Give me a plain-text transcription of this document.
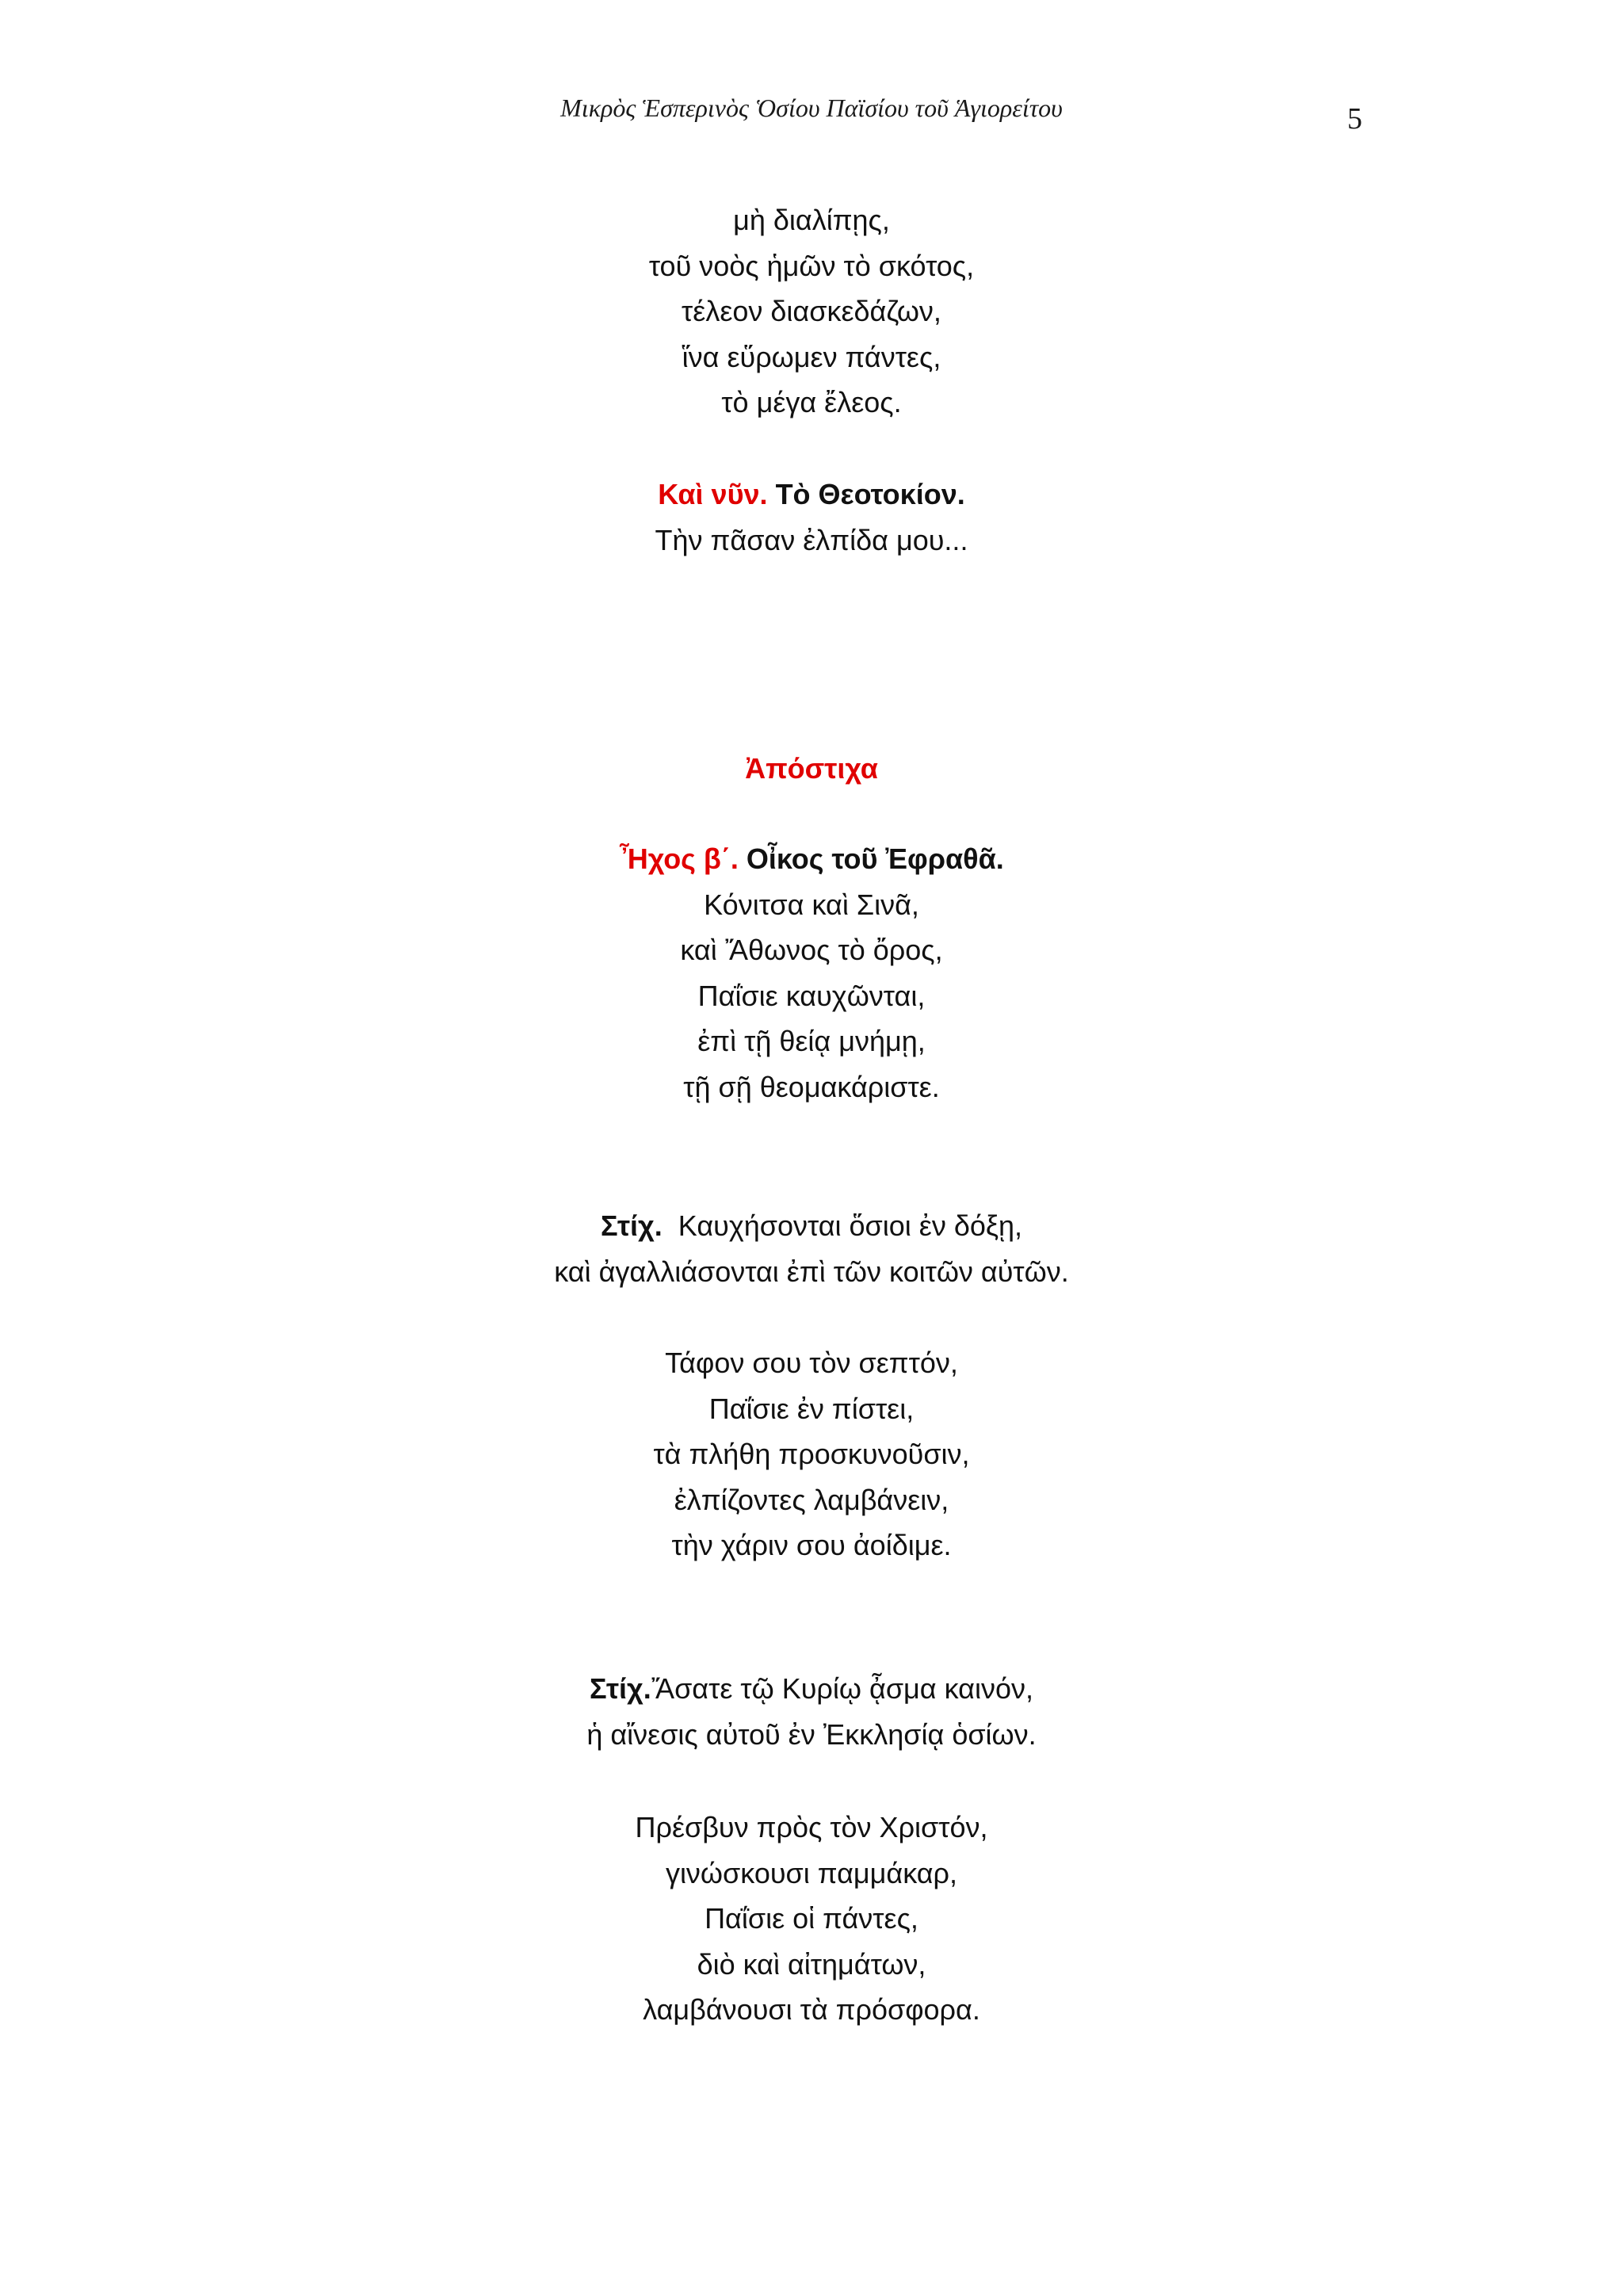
Μικρὸς Ἑσπερινὸς Ὁσίου Παϊσίου τοῦ Ἁγιορείτου	5
μὴ διαλίπῃς,
τοῦ νοὸς ἡμῶν τὸ σκότος,
τέλεον διασκεδάζων,
ἵνα εὕρωμεν πάντες,
τὸ μέγα ἔλεος.
Καὶ νῦν. Τὸ Θεοτοκίον.
Τὴν πᾶσαν ἐλπίδα μου...
Ἀπόστιχα
Ἦχος β΄. Οἶκος τοῦ Ἐφραθᾶ.
Κόνιτσα καὶ Σινᾶ,
καὶ Ἄθωνος τὸ ὄρος,
Παΐσιε καυχῶνται,
ἐπὶ τῇ θείᾳ μνήμῃ,
τῇ σῇ θεομακάριστε.
Στίχ. Καυχήσονται ὅσιοι ἐν δόξῃ,
καὶ ἀγαλλιάσονται ἐπὶ τῶν κοιτῶν αὐτῶν.
Τάφον σου τὸν σεπτόν,
Παΐσιε ἐν πίστει,
τὰ πλήθη προσκυνοῦσιν,
ἐλπίζοντες λαμβάνειν,
τὴν χάριν σου ἀοίδιμε.
Στίχ.Ἄσατε τῷ Κυρίῳ ᾆσμα καινόν,
ἡ αἴνεσις αὐτοῦ ἐν Ἐκκλησίᾳ ὁσίων.
Πρέσβυν πρὸς τὸν Χριστόν,
γινώσκουσι παμμάκαρ,
Παΐσιε οἱ πάντες,
διὸ καὶ αἰτημάτων,
λαμβάνουσι τὰ πρόσφορα.
